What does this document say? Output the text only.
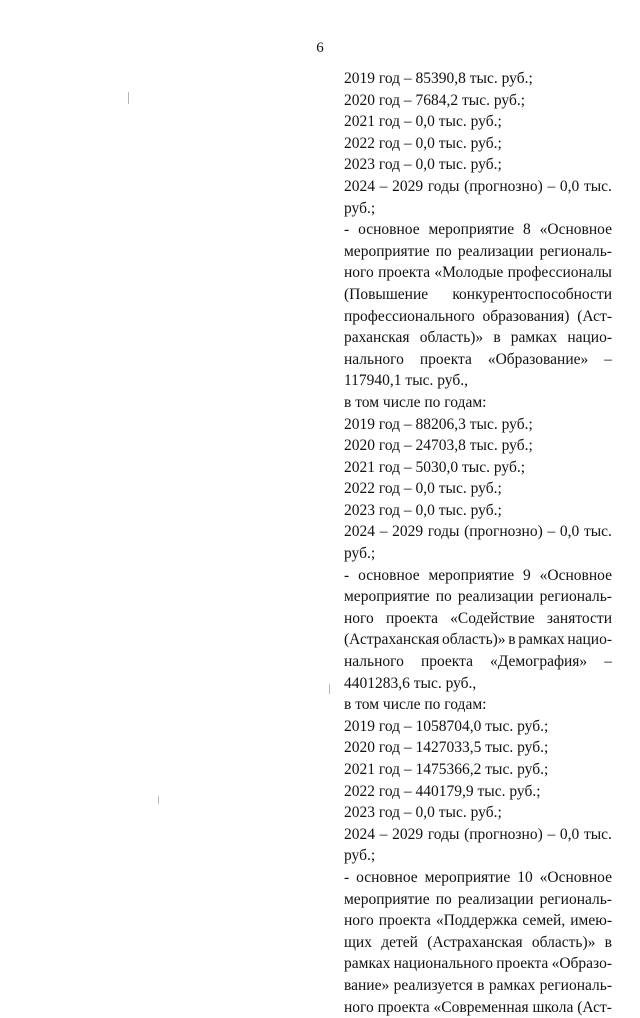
6
2019 год – 85390,8 тыс. руб.;
2020 год – 7684,2 тыс. руб.;
2021 год – 0,0 тыс. руб.;
2022 год – 0,0 тыс. руб.;
2023 год – 0,0 тыс. руб.;
2024 – 2029 годы (прогнозно) – 0,0 тыс.
руб.;
- основное мероприятие 8 «Основное
мероприятие по реализации региональ-
ного проекта «Молодые профессионалы
(Повышение конкурентоспособности
профессионального образования) (Аст-
раханская область)» в рамках нацио-
нального проекта «Образование» –
117940,1 тыс. руб.,
в том числе по годам:
2019 год – 88206,3 тыс. руб.;
2020 год – 24703,8 тыс. руб.;
2021 год – 5030,0 тыс. руб.;
2022 год – 0,0 тыс. руб.;
2023 год – 0,0 тыс. руб.;
2024 – 2029 годы (прогнозно) – 0,0 тыс.
руб.;
- основное мероприятие 9 «Основное
мероприятие по реализации региональ-
ного проекта «Содействие занятости
(Астраханская область)» в рамках нацио-
нального проекта «Демография» –
4401283,6 тыс. руб.,
в том числе по годам:
2019 год – 1058704,0 тыс. руб.;
2020 год – 1427033,5 тыс. руб.;
2021 год – 1475366,2 тыс. руб.;
2022 год – 440179,9 тыс. руб.;
2023 год – 0,0 тыс. руб.;
2024 – 2029 годы (прогнозно) – 0,0 тыс.
руб.;
- основное мероприятие 10 «Основное
мероприятие по реализации региональ-
ного проекта «Поддержка семей, имею-
щих детей (Астраханская область)» в
рамках национального проекта «Образо-
вание» реализуется в рамках региональ-
ного проекта «Современная школа (Аст-
